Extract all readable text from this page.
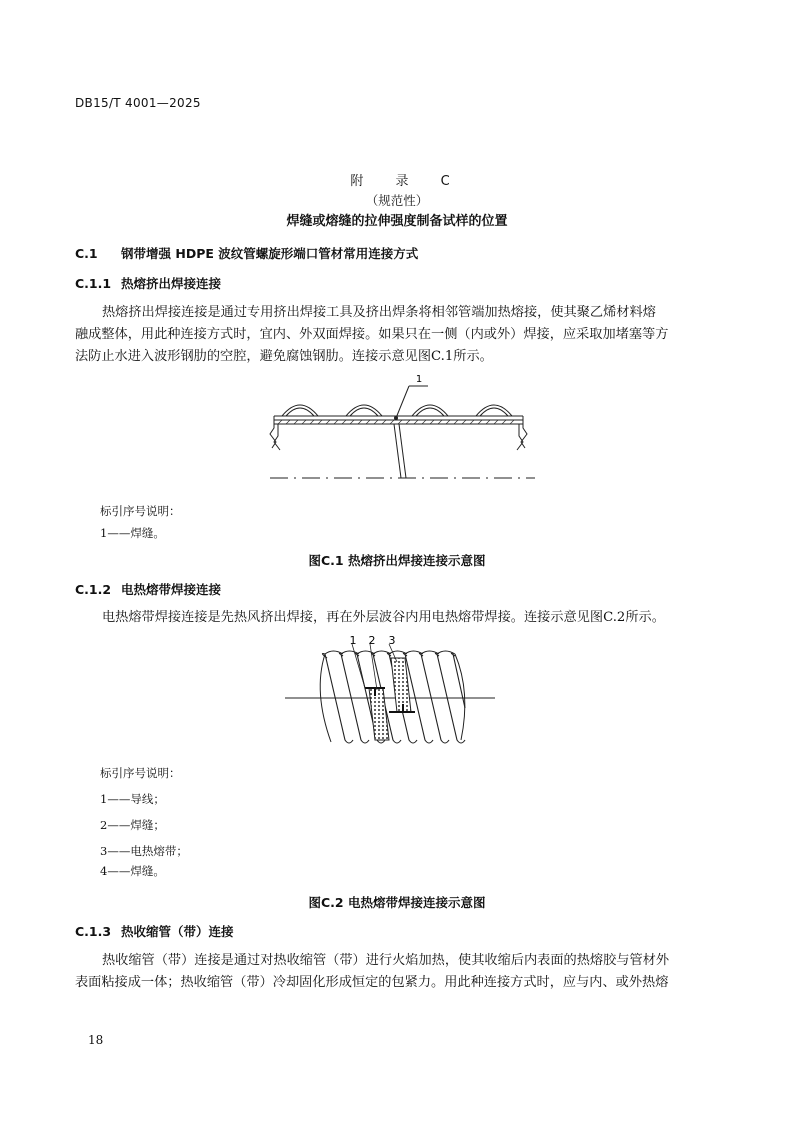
DB15/T 4001—2025
附 录 C
（规范性）
焊缝或熔缝的拉伸强度制备试样的位置
C.1 钢带增强 HDPE 波纹管螺旋形端口管材常用连接方式
C.1.1 热熔挤出焊接连接
热熔挤出焊接连接是通过专用挤出焊接工具及挤出焊条将相邻管端加热熔接，使其聚乙烯材料熔
融成整体，用此种连接方式时，宜内、外双面焊接。如果只在一侧（内或外）焊接，应采取加堵塞等方
法防止水进入波形钢肋的空腔，避免腐蚀钢肋。连接示意见图C.1所示。
1
标引序号说明：
1——焊缝。
图C.1 热熔挤出焊接连接示意图
C.1.2 电热熔带焊接连接
电热熔带焊接连接是先热风挤出焊接，再在外层波谷内用电热熔带焊接。连接示意见图C.2所示。
1 2 3
标引序号说明：
1——导线；
2——焊缝；
3——电热熔带；
4——焊缝。
图C.2 电热熔带焊接连接示意图
C.1.3 热收缩管（带）连接
热收缩管（带）连接是通过对热收缩管（带）进行火焰加热，使其收缩后内表面的热熔胶与管材外
表面粘接成一体；热收缩管（带）冷却固化形成恒定的包紧力。用此种连接方式时，应与内、或外热熔
18
